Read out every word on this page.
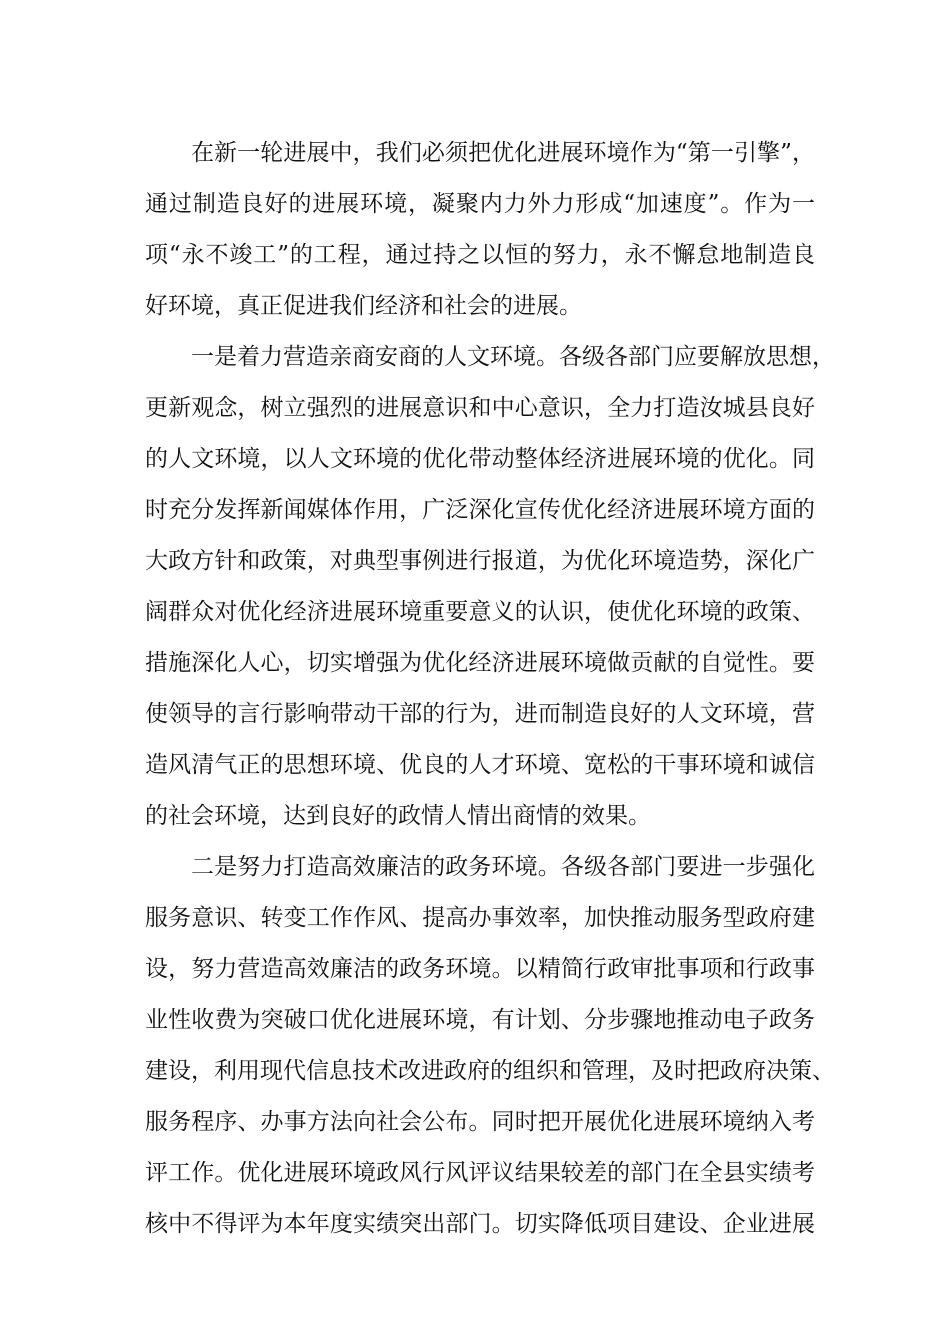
在新一轮进展中，我们必须把优化进展环境作为“第一引擎”，
通过制造良好的进展环境，凝聚内力外力形成“加速度”。作为一
项“永不竣工”的工程，通过持之以恒的努力，永不懈怠地制造良
好环境，真正促进我们经济和社会的进展。
一是着力营造亲商安商的人文环境。各级各部门应要解放思想，
更新观念，树立强烈的进展意识和中心意识，全力打造汝城县良好
的人文环境，以人文环境的优化带动整体经济进展环境的优化。同
时充分发挥新闻媒体作用，广泛深化宣传优化经济进展环境方面的
大政方针和政策，对典型事例进行报道，为优化环境造势，深化广
阔群众对优化经济进展环境重要意义的认识，使优化环境的政策、
措施深化人心，切实增强为优化经济进展环境做贡献的自觉性。要
使领导的言行影响带动干部的行为，进而制造良好的人文环境，营
造风清气正的思想环境、优良的人才环境、宽松的干事环境和诚信
的社会环境，达到良好的政情人情出商情的效果。
二是努力打造高效廉洁的政务环境。各级各部门要进一步强化
服务意识、转变工作作风、提高办事效率，加快推动服务型政府建
设，努力营造高效廉洁的政务环境。以精简行政审批事项和行政事
业性收费为突破口优化进展环境，有计划、分步骤地推动电子政务
建设，利用现代信息技术改进政府的组织和管理，及时把政府决策、
服务程序、办事方法向社会公布。同时把开展优化进展环境纳入考
评工作。优化进展环境政风行风评议结果较差的部门在全县实绩考
核中不得评为本年度实绩突出部门。切实降低项目建设、企业进展
